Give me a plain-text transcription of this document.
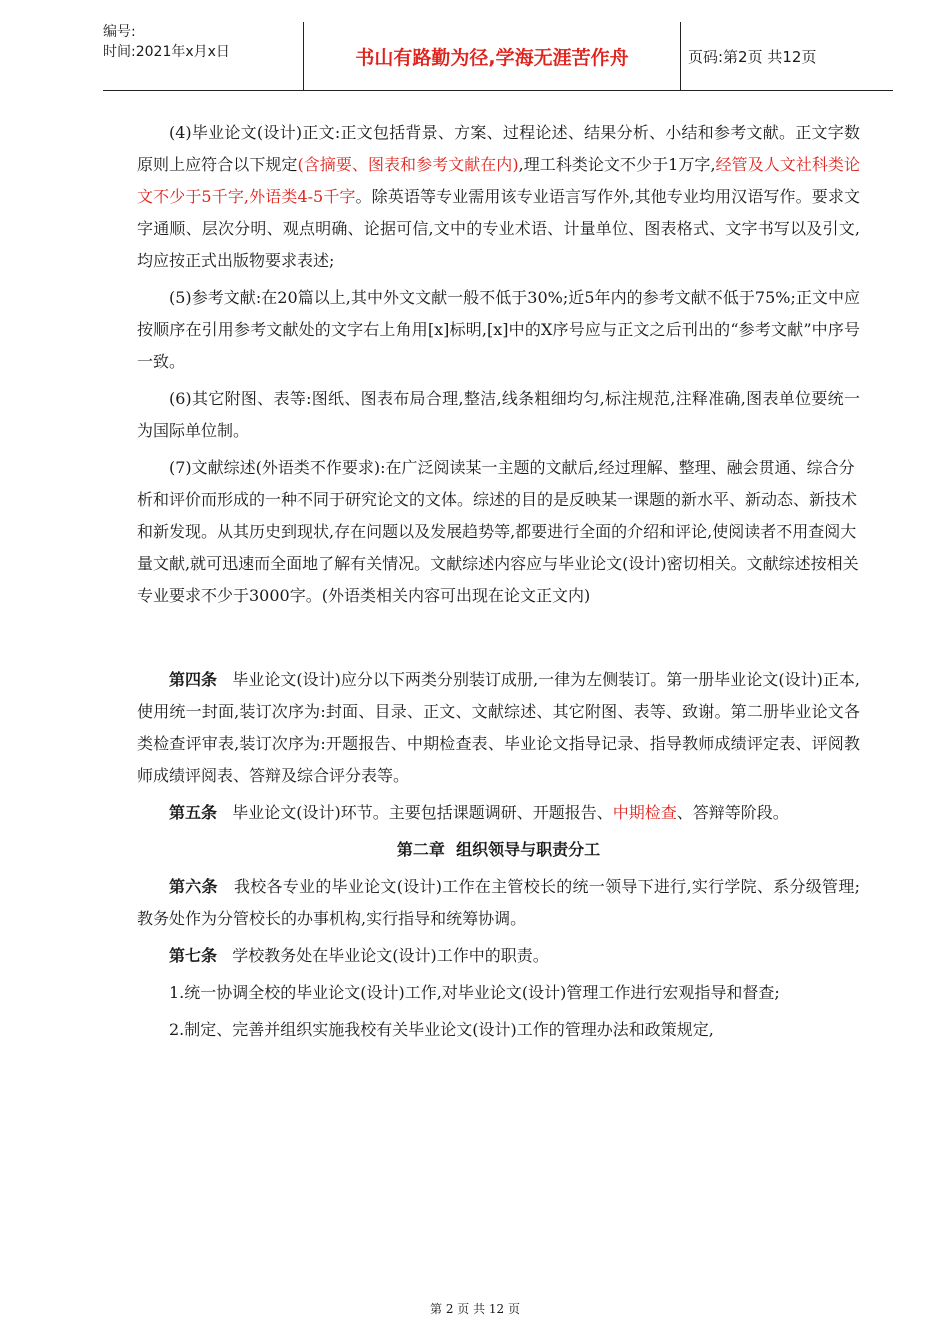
编号:
时间:2021年x月x日	书山有路勤为径,学海无涯苦作舟	页码:第2页 共12页

(4)毕业论文(设计)正文:正文包括背景、方案、过程论述、结果分析、小结和参考文献。正文字数原则上应符合以下规定(含摘要、图表和参考文献在内),理工科类论文不少于1万字,经管及人文社科类论文不少于5千字,外语类4-5千字。除英语等专业需用该专业语言写作外,其他专业均用汉语写作。要求文字通顺、层次分明、观点明确、论据可信,文中的专业术语、计量单位、图表格式、文字书写以及引文,均应按正式出版物要求表述;

(5)参考文献:在20篇以上,其中外文文献一般不低于30%;近5年内的参考文献不低于75%;正文中应按顺序在引用参考文献处的文字右上角用[x]标明,[x]中的X序号应与正文之后刊出的“参考文献”中序号一致。

(6)其它附图、表等:图纸、图表布局合理,整洁,线条粗细均匀,标注规范,注释准确,图表单位要统一为国际单位制。

(7)文献综述(外语类不作要求):在广泛阅读某一主题的文献后,经过理解、整理、融会贯通、综合分析和评价而形成的一种不同于研究论文的文体。综述的目的是反映某一课题的新水平、新动态、新技术和新发现。从其历史到现状,存在问题以及发展趋势等,都要进行全面的介绍和评论,使阅读者不用查阅大量文献,就可迅速而全面地了解有关情况。文献综述内容应与毕业论文(设计)密切相关。文献综述按相关专业要求不少于3000字。(外语类相关内容可出现在论文正文内)

第四条 毕业论文(设计)应分以下两类分别装订成册,一律为左侧装订。第一册毕业论文(设计)正本,使用统一封面,装订次序为:封面、目录、正文、文献综述、其它附图、表等、致谢。第二册毕业论文各类检查评审表,装订次序为:开题报告、中期检查表、毕业论文指导记录、指导教师成绩评定表、评阅教师成绩评阅表、答辩及综合评分表等。

第五条 毕业论文(设计)环节。主要包括课题调研、开题报告、中期检查、答辩等阶段。

第二章  组织领导与职责分工

第六条 我校各专业的毕业论文(设计)工作在主管校长的统一领导下进行,实行学院、系分级管理;教务处作为分管校长的办事机构,实行指导和统筹协调。

第七条 学校教务处在毕业论文(设计)工作中的职责。

1.统一协调全校的毕业论文(设计)工作,对毕业论文(设计)管理工作进行宏观指导和督查;

2.制定、完善并组织实施我校有关毕业论文(设计)工作的管理办法和政策规定,

第 2 页 共 12 页
